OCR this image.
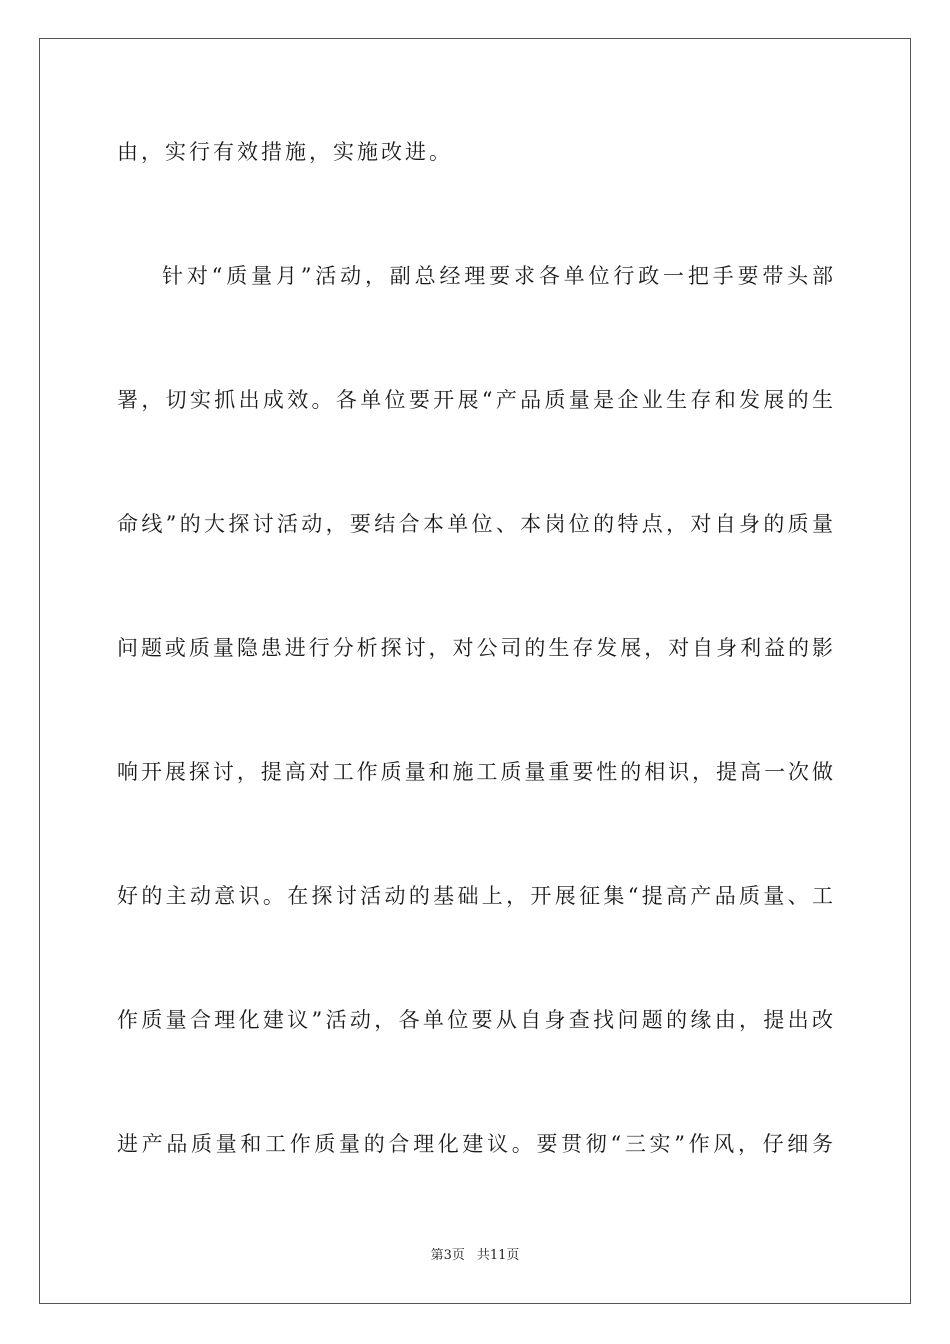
由，实行有效措施，实施改进。
针对“质量月”活动，副总经理要求各单位行政一把手要带头部
署，切实抓出成效。各单位要开展“产品质量是企业生存和发展的生
命线”的大探讨活动，要结合本单位、本岗位的特点，对自身的质量
问题或质量隐患进行分析探讨，对公司的生存发展，对自身利益的影
响开展探讨，提高对工作质量和施工质量重要性的相识，提高一次做
好的主动意识。在探讨活动的基础上，开展征集“提高产品质量、工
作质量合理化建议”活动，各单位要从自身查找问题的缘由，提出改
进产品质量和工作质量的合理化建议。要贯彻“三实”作风，仔细务
第3页 共11页
